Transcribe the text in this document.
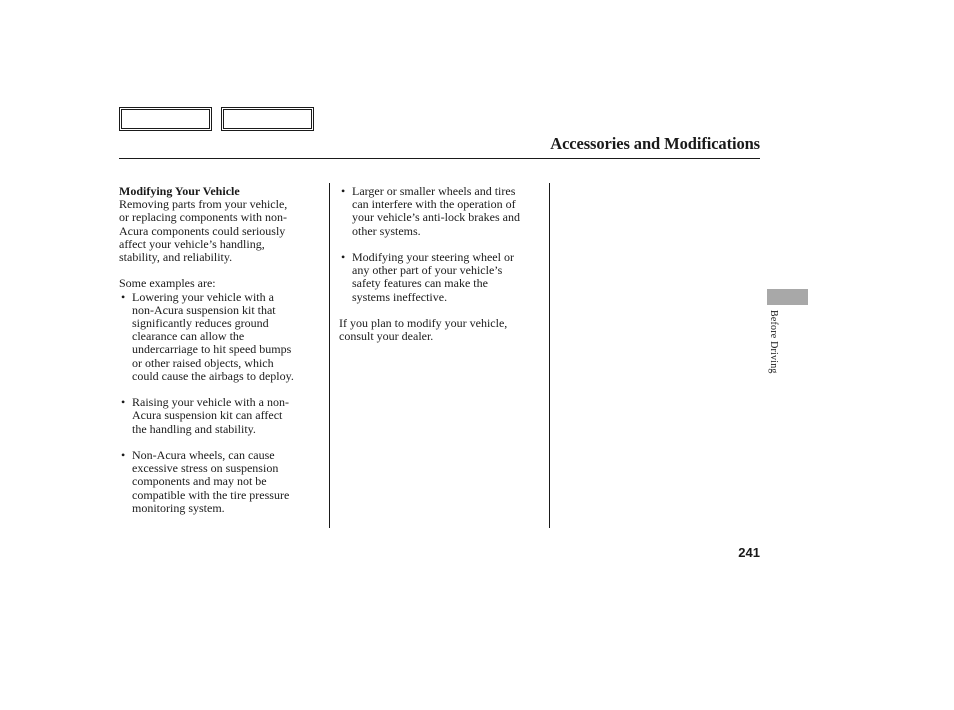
Accessories and Modifications

Modifying Your Vehicle

Removing parts from your vehicle,
or replacing components with non-
Acura components could seriously
affect your vehicle’s handling,
stability, and reliability.

Some examples are:

• Lowering your vehicle with a
non-Acura suspension kit that
significantly reduces ground
clearance can allow the
undercarriage to hit speed bumps
or other raised objects, which
could cause the airbags to deploy.

• Raising your vehicle with a non-
Acura suspension kit can affect
the handling and stability.

• Non-Acura wheels, can cause
excessive stress on suspension
components and may not be
compatible with the tire pressure
monitoring system.

• Larger or smaller wheels and tires
can interfere with the operation of
your vehicle’s anti-lock brakes and
other systems.

• Modifying your steering wheel or
any other part of your vehicle’s
safety features can make the
systems ineffective.

If you plan to modify your vehicle,
consult your dealer.	Before Driving
241
